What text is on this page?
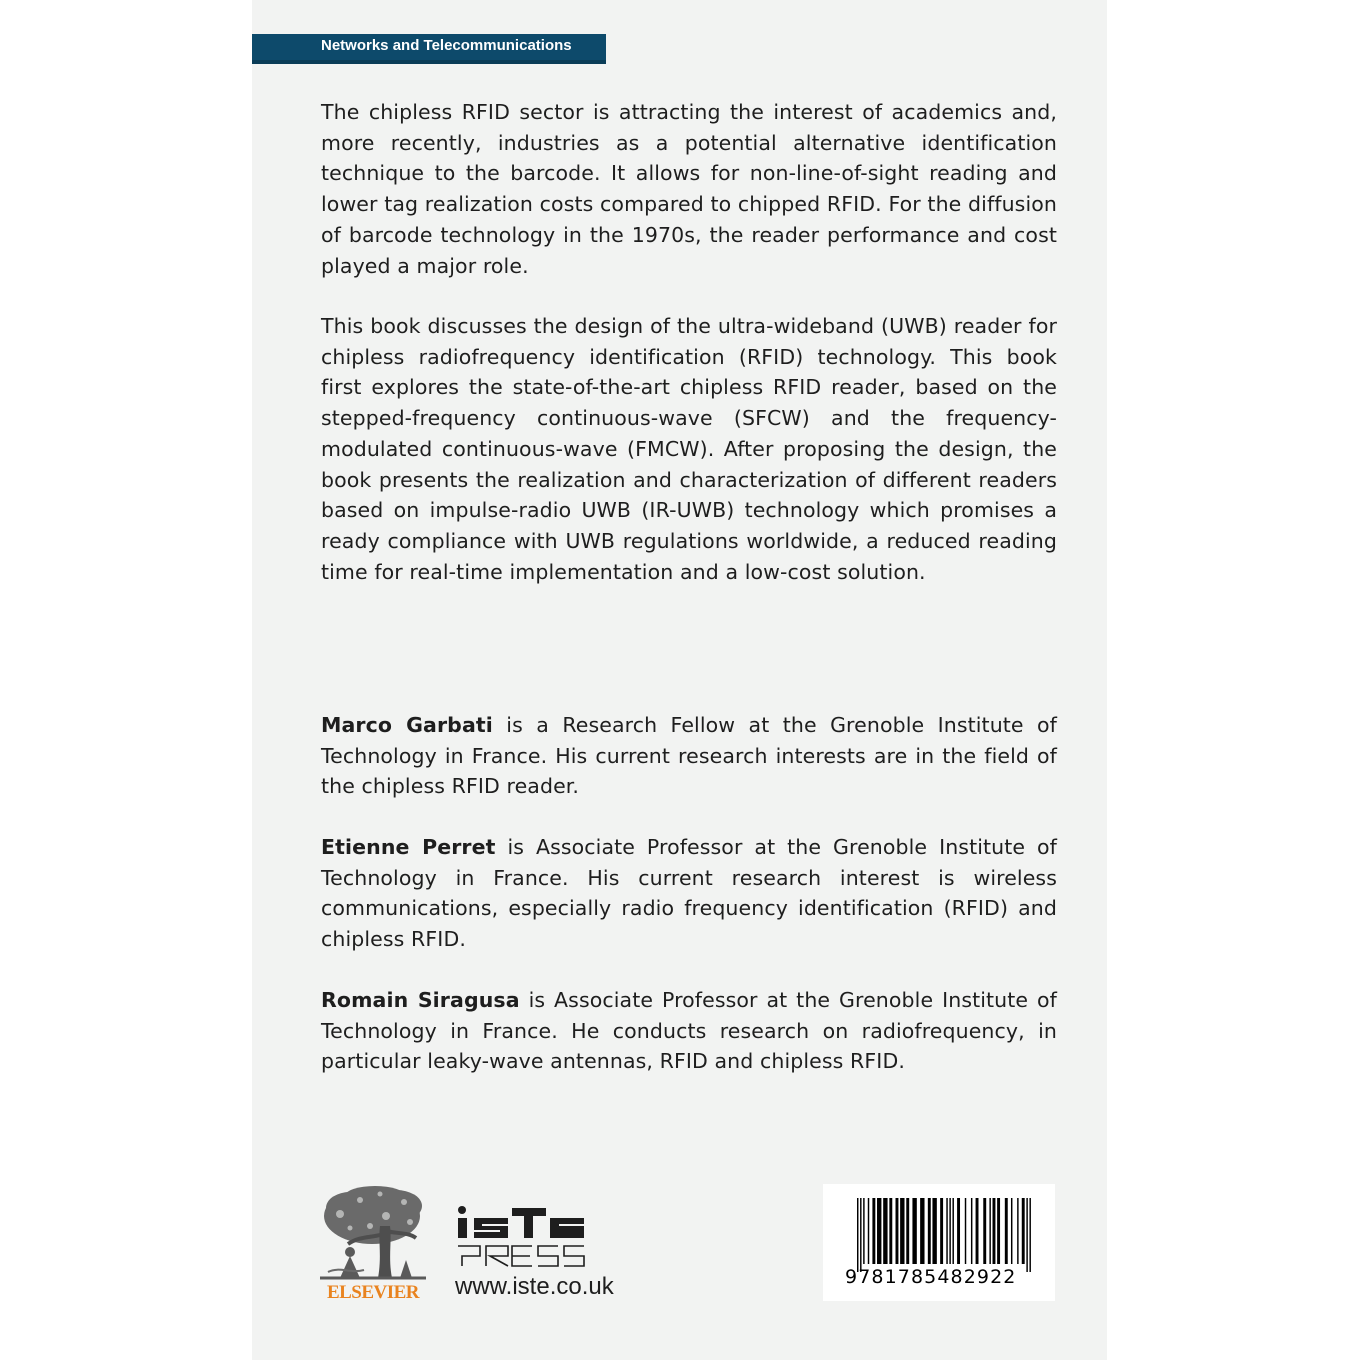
Networks and Telecommunications

The chipless RFID sector is attracting the interest of academics and, more recently, industries as a potential alternative identification technique to the barcode. It allows for non-line-of-sight reading and lower tag realization costs compared to chipped RFID. For the diffusion of barcode technology in the 1970s, the reader performance and cost played a major role.

This book discusses the design of the ultra-wideband (UWB) reader for chipless radiofrequency identification (RFID) technology. This book first explores the state-of-the-art chipless RFID reader, based on the stepped-frequency continuous-wave (SFCW) and the frequency-modulated continuous-wave (FMCW). After proposing the design, the book presents the realization and characterization of different readers based on impulse-radio UWB (IR-UWB) technology which promises a ready compliance with UWB regulations worldwide, a reduced reading time for real-time implementation and a low-cost solution.

Marco Garbati is a Research Fellow at the Grenoble Institute of Technology in France. His current research interests are in the field of the chipless RFID reader.

Etienne Perret is Associate Professor at the Grenoble Institute of Technology in France. His current research interest is wireless communications, especially radio frequency identification (RFID) and chipless RFID.

Romain Siragusa is Associate Professor at the Grenoble Institute of Technology in France. He conducts research on radiofrequency, in particular leaky-wave antennas, RFID and chipless RFID.

ELSEVIER www.iste.co.uk	9781785482922
